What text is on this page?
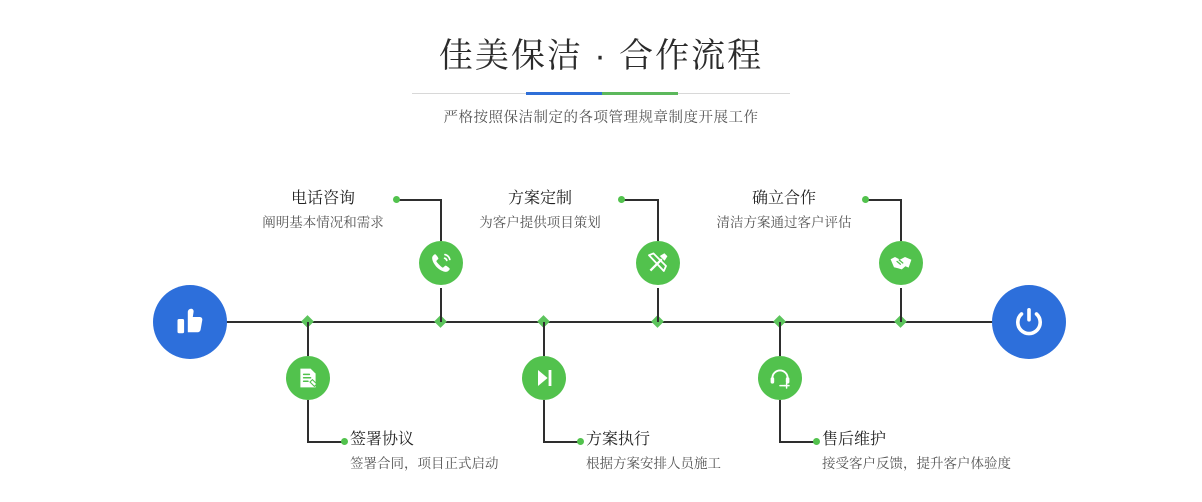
佳美保洁 · 合作流程

严格按照保洁制定的各项管理规章制度开展工作

电话咨询
阐明基本情况和需求
签署协议
签署合同，项目正式启动
方案定制
为客户提供项目策划
方案执行
根据方案安排人员施工
确立合作
清洁方案通过客户评估
售后维护
接受客户反馈，提升客户体验度
